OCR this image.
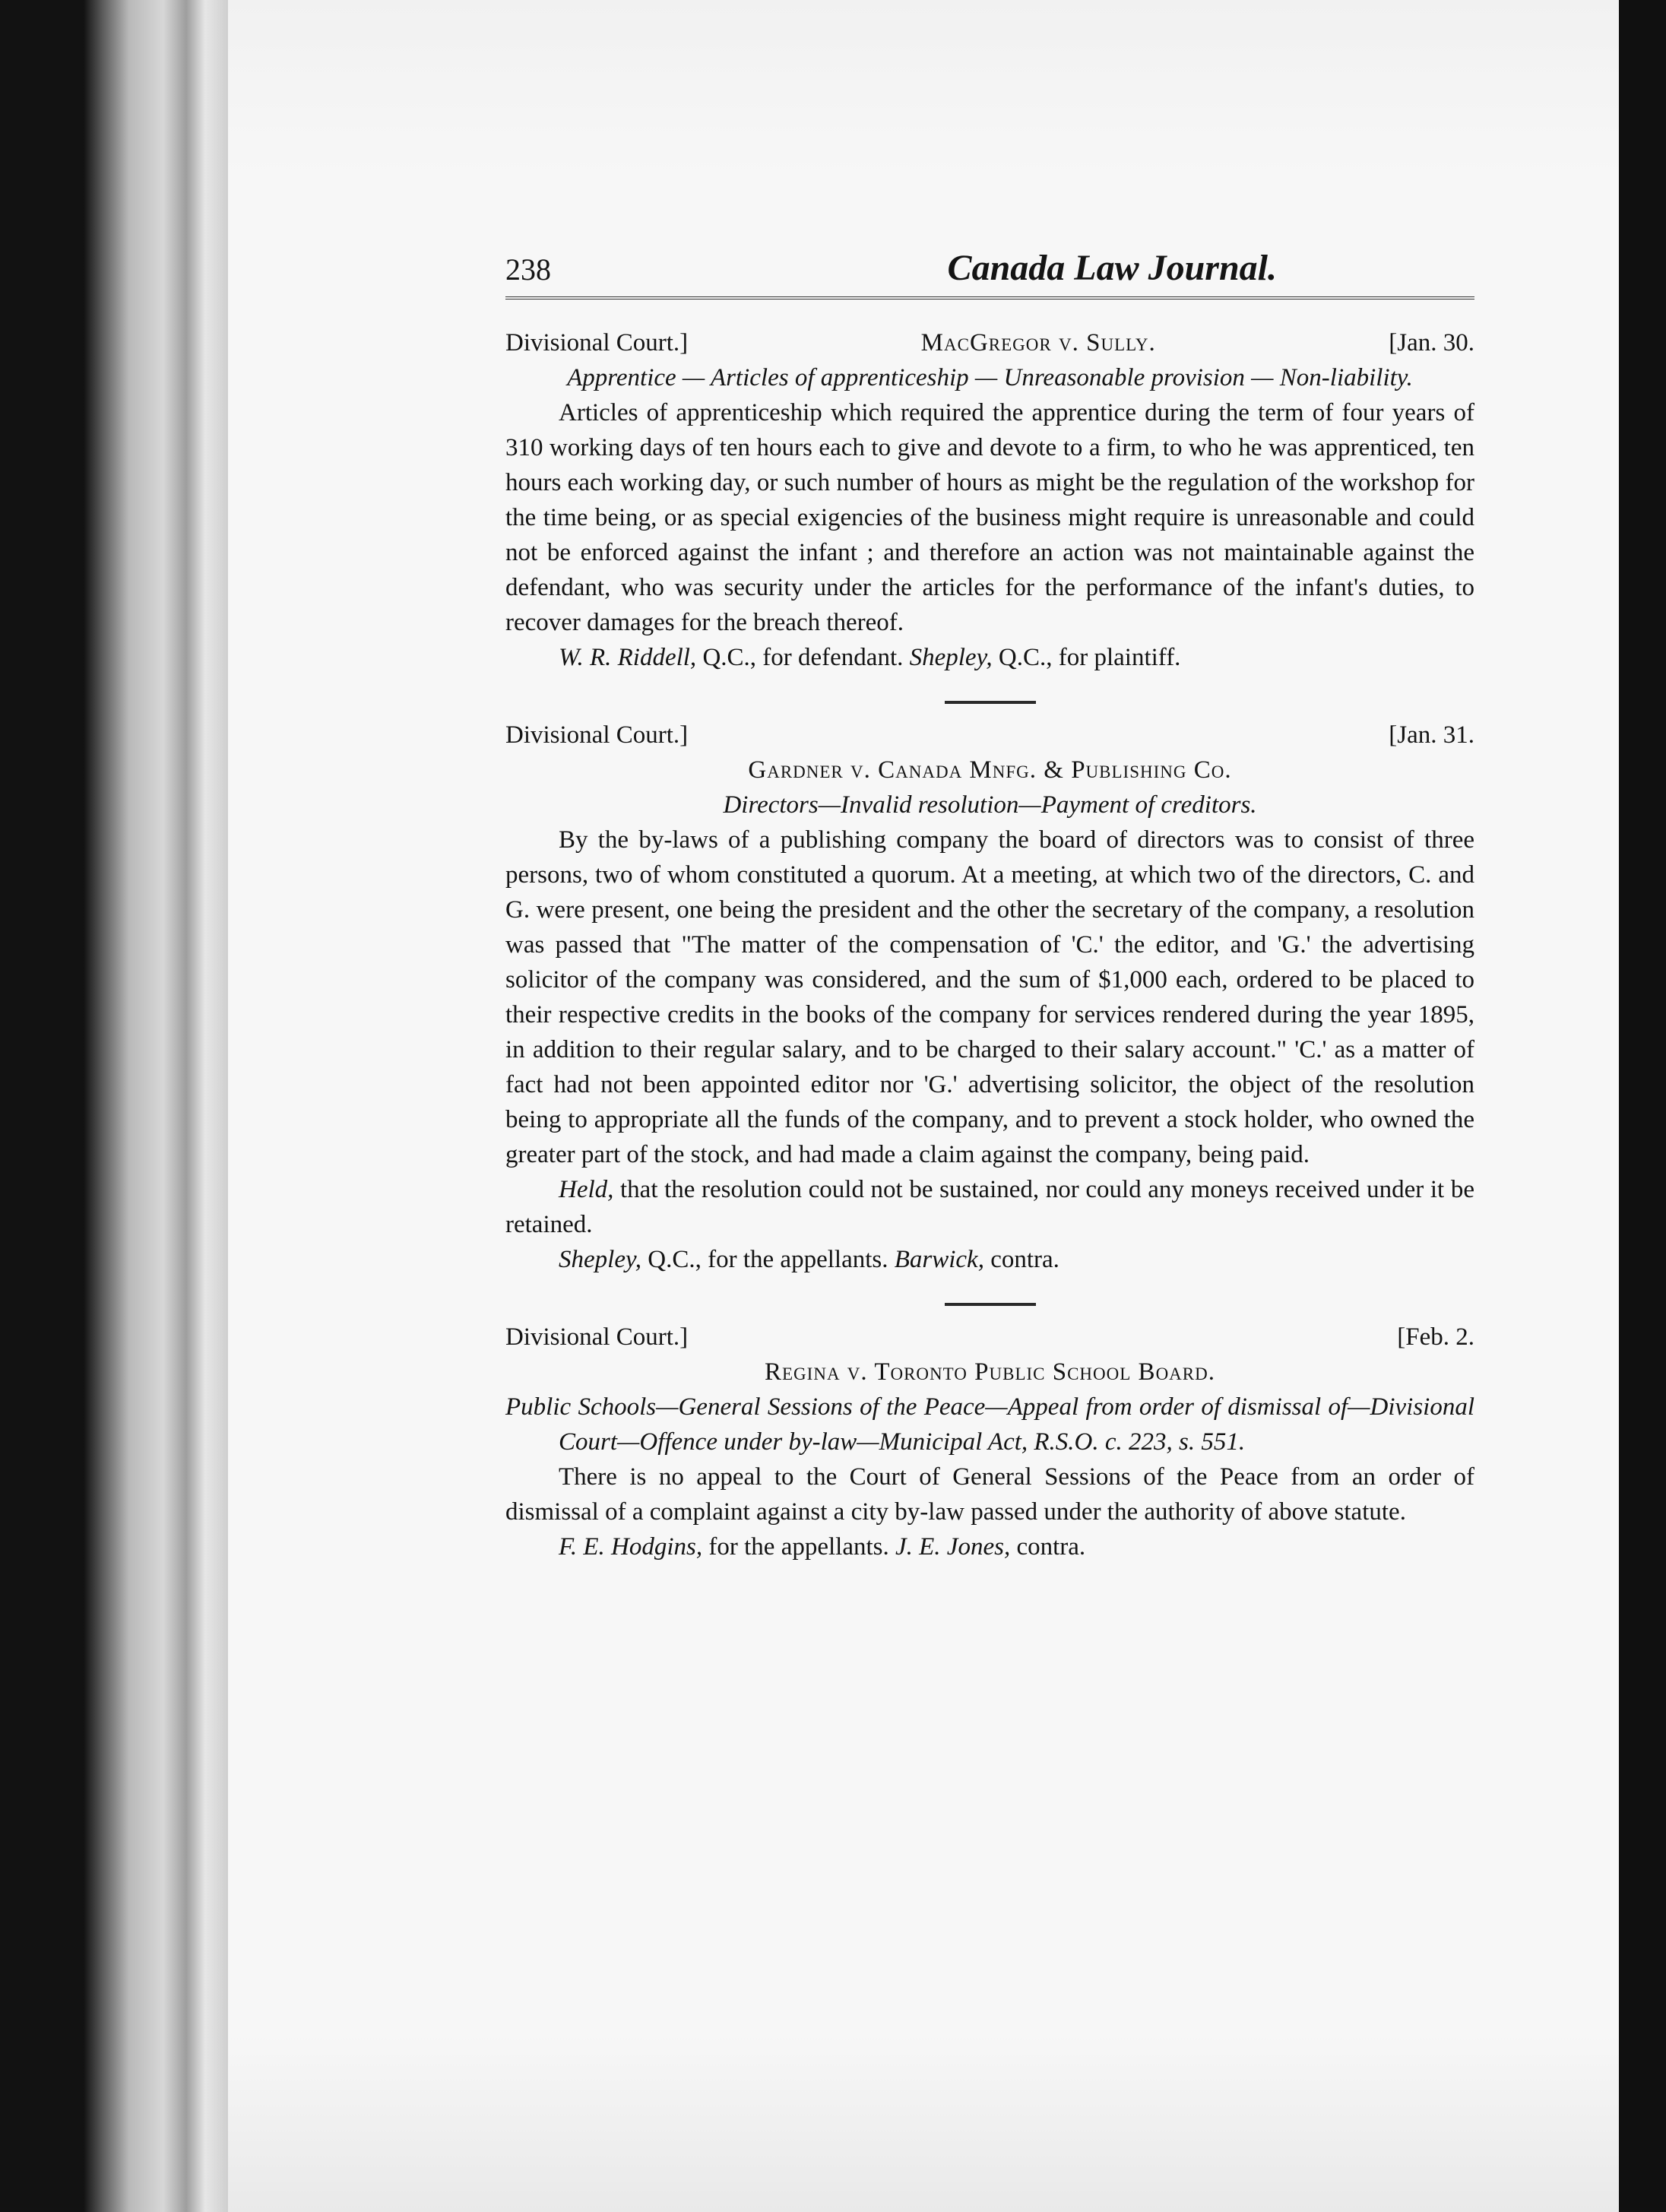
238	Canada Law Journal.
Divisional Court.]	MacGregor v. Sully.	[Jan. 30.

Apprentice — Articles of apprenticeship — Unreasonable provision — Non-liability.

Articles of apprenticeship which required the apprentice during the term of four years of 310 working days of ten hours each to give and devote to a firm, to who he was apprenticed, ten hours each working day, or such number of hours as might be the regulation of the workshop for the time being, or as special exigencies of the business might require is unreasonable and could not be enforced against the infant ; and therefore an action was not maintainable against the defendant, who was security under the articles for the performance of the infant's duties, to recover damages for the breach thereof.

W. R. Riddell, Q.C., for defendant. Shepley, Q.C., for plaintiff.

Divisional Court.]	[Jan. 31.
Gardner v. Canada Mnfg. & Publishing Co.

Directors—Invalid resolution—Payment of creditors.

By the by-laws of a publishing company the board of directors was to consist of three persons, two of whom constituted a quorum. At a meeting, at which two of the directors, C. and G. were present, one being the president and the other the secretary of the company, a resolution was passed that "The matter of the compensation of 'C.' the editor, and 'G.' the advertising solicitor of the company was considered, and the sum of $1,000 each, ordered to be placed to their respective credits in the books of the company for services rendered during the year 1895, in addition to their regular salary, and to be charged to their salary account." 'C.' as a matter of fact had not been appointed editor nor 'G.' advertising solicitor, the object of the resolution being to appropriate all the funds of the company, and to prevent a stock holder, who owned the greater part of the stock, and had made a claim against the company, being paid.

Held, that the resolution could not be sustained, nor could any moneys received under it be retained.

Shepley, Q.C., for the appellants. Barwick, contra.

Divisional Court.]	[Feb. 2.
Regina v. Toronto Public School Board.

Public Schools—General Sessions of the Peace—Appeal from order of dismissal of—Divisional Court—Offence under by-law—Municipal Act, R.S.O. c. 223, s. 551.

There is no appeal to the Court of General Sessions of the Peace from an order of dismissal of a complaint against a city by-law passed under the authority of above statute.

F. E. Hodgins, for the appellants. J. E. Jones, contra.
